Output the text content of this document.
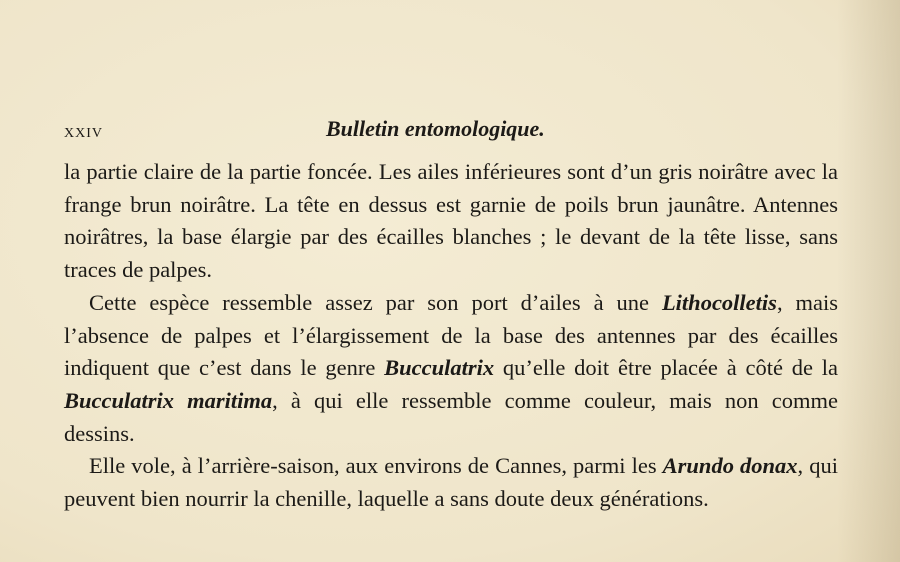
xxiv	Bulletin entomologique.

la partie claire de la partie foncée. Les ailes inférieures sont d’un gris noirâtre avec la frange brun noirâtre. La tête en dessus est garnie de poils brun jaunâtre. Antennes noirâtres, la base élargie par des écailles blanches ; le devant de la tête lisse, sans traces de palpes.

Cette espèce ressemble assez par son port d’ailes à une Lithocolletis, mais l’absence de palpes et l’élargissement de la base des antennes par des écailles indiquent que c’est dans le genre Bucculatrix qu’elle doit être placée à côté de la Bucculatrix maritima, à qui elle ressemble comme couleur, mais non comme dessins.

Elle vole, à l’arrière-saison, aux environs de Cannes, parmi les Arundo donax, qui peuvent bien nourrir la chenille, laquelle a sans doute deux générations.
